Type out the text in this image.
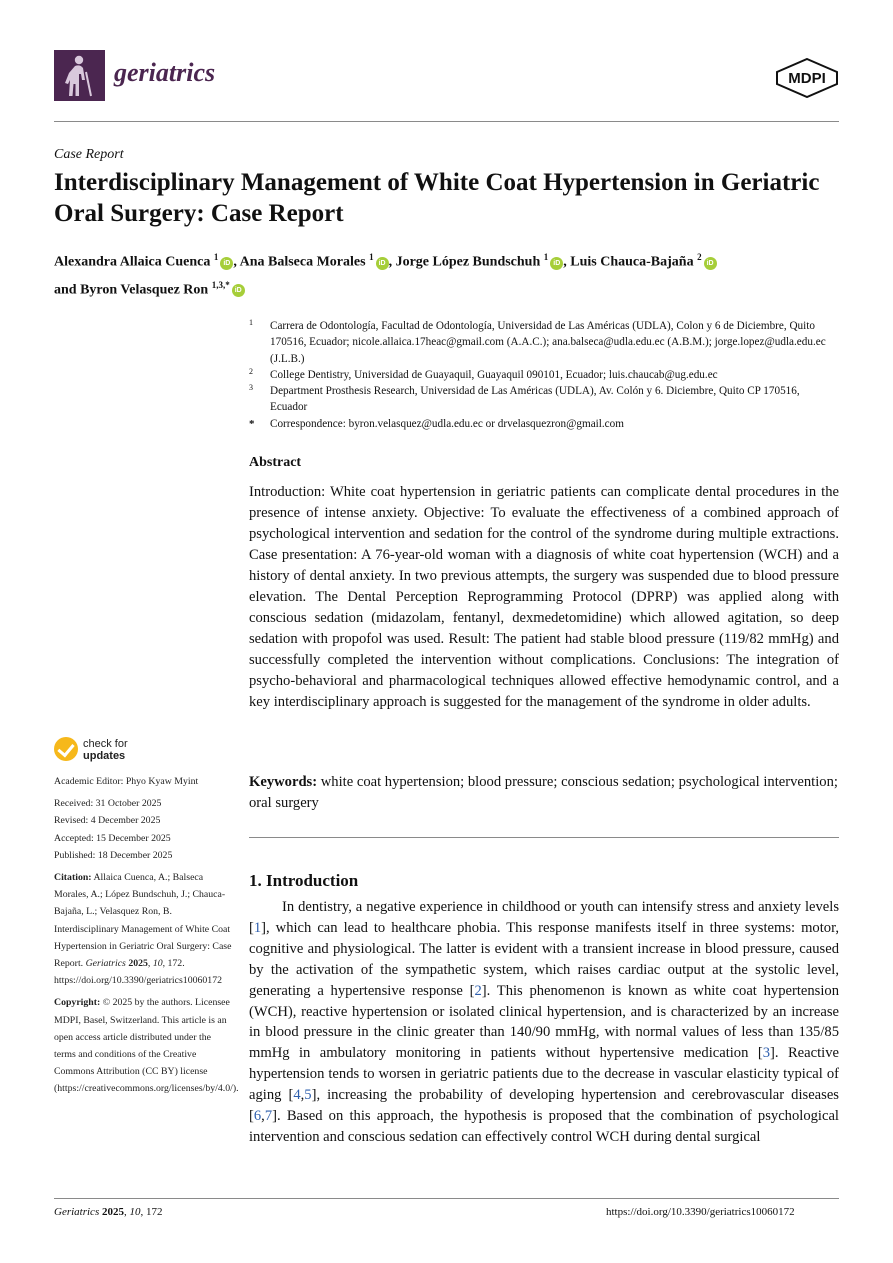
geriatrics	MDPI
Case Report
Interdisciplinary Management of White Coat Hypertension in Geriatric Oral Surgery: Case Report
Alexandra Allaica Cuenca $^1$iD , Ana Balseca Morales $^1$iD , Jorge López Bundschuh $^1$iD , Luis Chauca-Bajaña $^2$iD
and Byron Velasquez Ron $^{1,3,*}$iD
1 Carrera de Odontología, Facultad de Odontología, Universidad de Las Américas (UDLA), Colon y 6 de Diciembre, Quito 170516, Ecuador; nicole.allaica.17heac@gmail.com (A.A.C.); ana.balseca@udla.edu.ec (A.B.M.); jorge.lopez@udla.edu.ec (J.L.B.)
2 College Dentistry, Universidad de Guayaquil, Guayaquil 090101, Ecuador; luis.chaucab@ug.edu.ec
3 Department Prosthesis Research, Universidad de Las Américas (UDLA), Av. Colón y 6. Diciembre, Quito CP 170516, Ecuador
* Correspondence: byron.velasquez@udla.edu.ec or drvelasquezron@gmail.com
Abstract
Introduction: White coat hypertension in geriatric patients can complicate dental procedures in the presence of intense anxiety. Objective: To evaluate the effectiveness of a combined approach of psychological intervention and sedation for the control of the syndrome during multiple extractions. Case presentation: A 76-year-old woman with a diagnosis of white coat hypertension (WCH) and a history of dental anxiety. In two previous attempts, the surgery was suspended due to blood pressure elevation. The Dental Perception Reprogramming Protocol (DPRP) was applied along with conscious sedation (midazolam, fentanyl, dexmedetomidine) which allowed agitation, so deep sedation with propofol was used. Result: The patient had stable blood pressure (119/82 mmHg) and successfully completed the intervention without complications. Conclusions: The integration of psycho-behavioral and pharmacological techniques allowed effective hemodynamic control, and a key interdisciplinary approach is suggested for the management of the syndrome in older adults.
Keywords: white coat hypertension; blood pressure; conscious sedation; psychological intervention; oral surgery
1. Introduction
In dentistry, a negative experience in childhood or youth can intensify stress and anxiety levels [1], which can lead to healthcare phobia. This response manifests itself in three systems: motor, cognitive and physiological. The latter is evident with a transient increase in blood pressure, caused by the activation of the sympathetic system, which raises cardiac output at the systolic level, generating a hypertensive response [2]. This phenomenon is known as white coat hypertension (WCH), reactive hypertension or isolated clinical hypertension, and is characterized by an increase in blood pressure in the clinic greater than 140/90 mmHg, with normal values of less than 135/85 mmHg in ambulatory monitoring in patients without hypertensive medication [3]. Reactive hypertension tends to worsen in geriatric patients due to the decrease in vascular elasticity typical of aging [4,5], increasing the probability of developing hypertension and cerebrovascular diseases [6,7]. Based on this approach, the hypothesis is proposed that the combination of psychological intervention and conscious sedation can effectively control WCH during dental surgical
check for
updates
Academic Editor: Phyo Kyaw Myint
Received: 31 October 2025
Revised: 4 December 2025
Accepted: 15 December 2025
Published: 18 December 2025
Citation: Allaica Cuenca, A.; Balseca Morales, A.; López Bundschuh, J.; Chauca-Bajaña, L.; Velasquez Ron, B. Interdisciplinary Management of White Coat Hypertension in Geriatric Oral Surgery: Case Report. Geriatrics 2025, 10, 172. https://doi.org/10.3390/geriatrics10060172
Copyright: © 2025 by the authors. Licensee MDPI, Basel, Switzerland. This article is an open access article distributed under the terms and conditions of the Creative Commons Attribution (CC BY) license (https://creativecommons.org/licenses/by/4.0/).
Geriatrics 2025, 10, 172	https://doi.org/10.3390/geriatrics10060172
